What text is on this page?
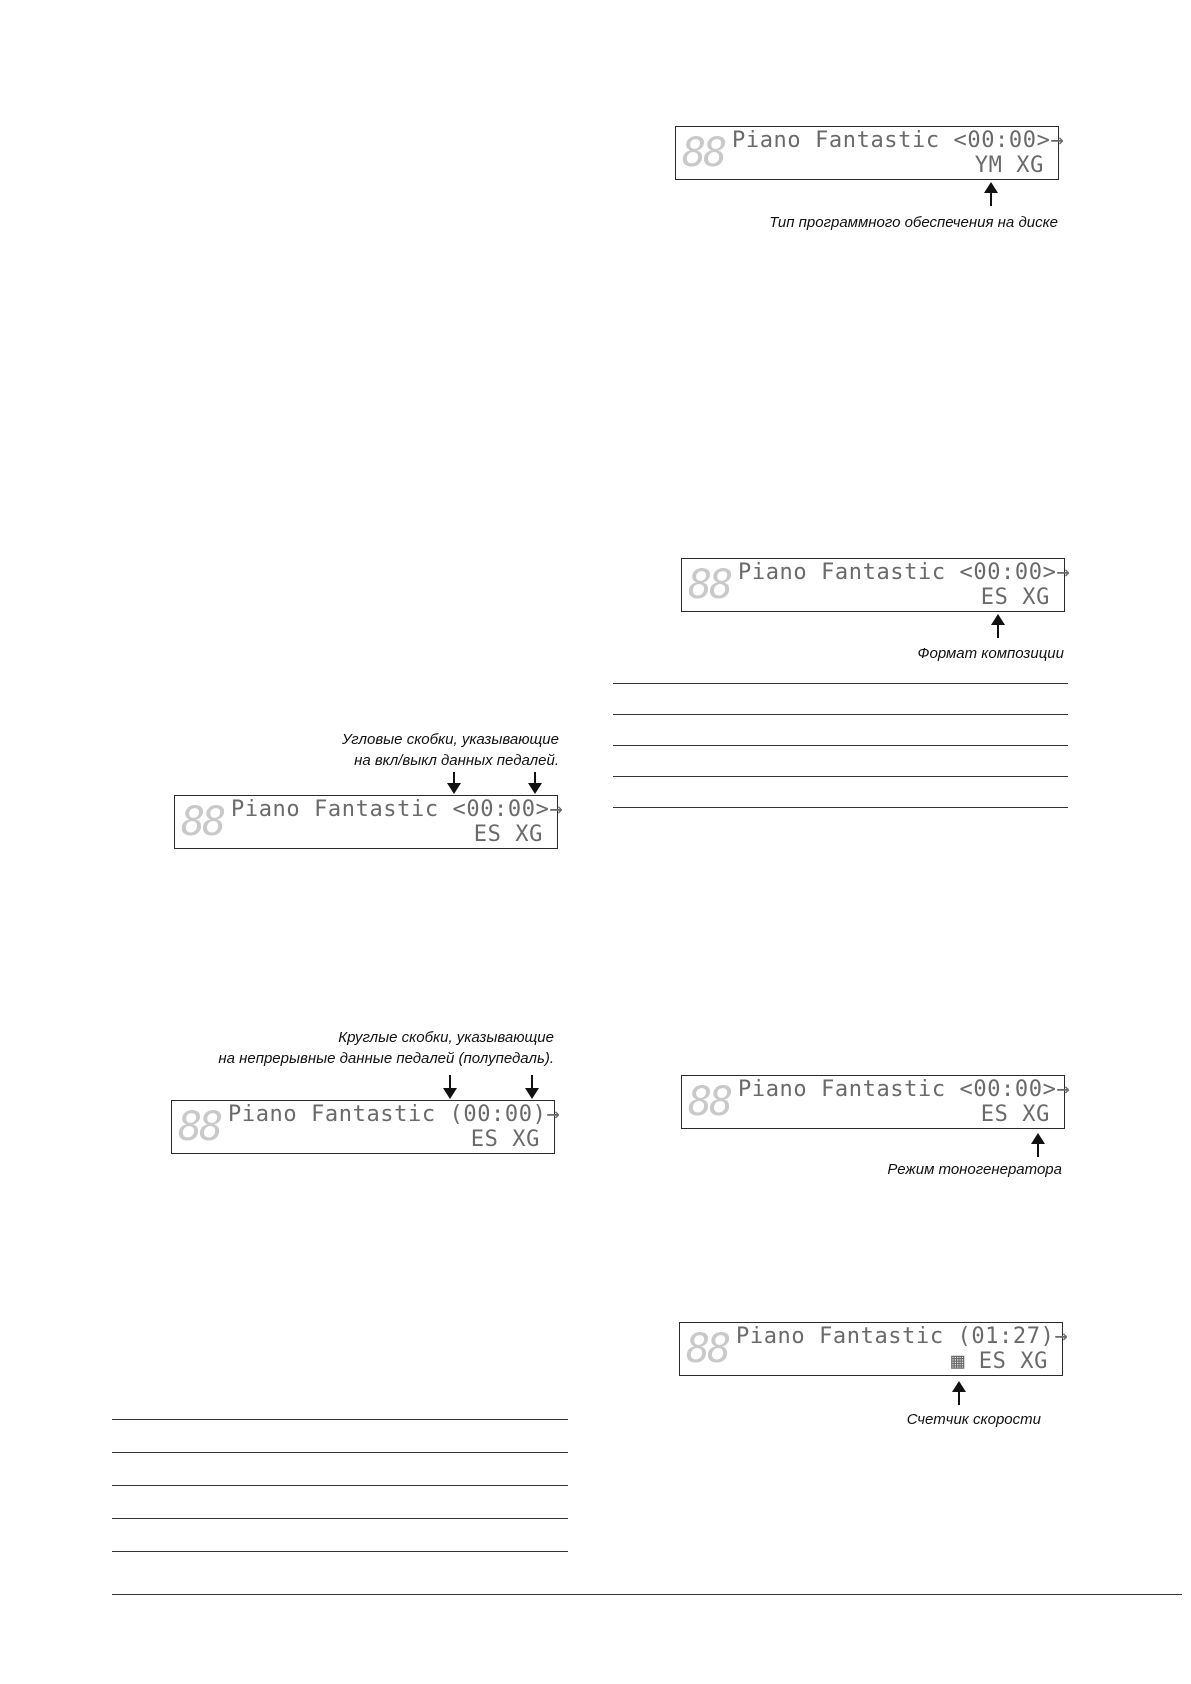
88 Piano Fantastic <00:00>→
YM XG
Тип программного обеспечения на диске
88 Piano Fantastic <00:00>→
ES XG
Формат композиции
Угловые скобки, указывающие
на вкл/выкл данных педалей.
88 Piano Fantastic <00:00>→
ES XG
Круглые скобки, указывающие
на непрерывные данные педалей (полупедаль).
88 Piano Fantastic (00:00)→
ES XG
88 Piano Fantastic <00:00>→
ES XG
Режим тоногенератора
88 Piano Fantastic (01:27)→
▦ ES XG
Счетчик скорости
